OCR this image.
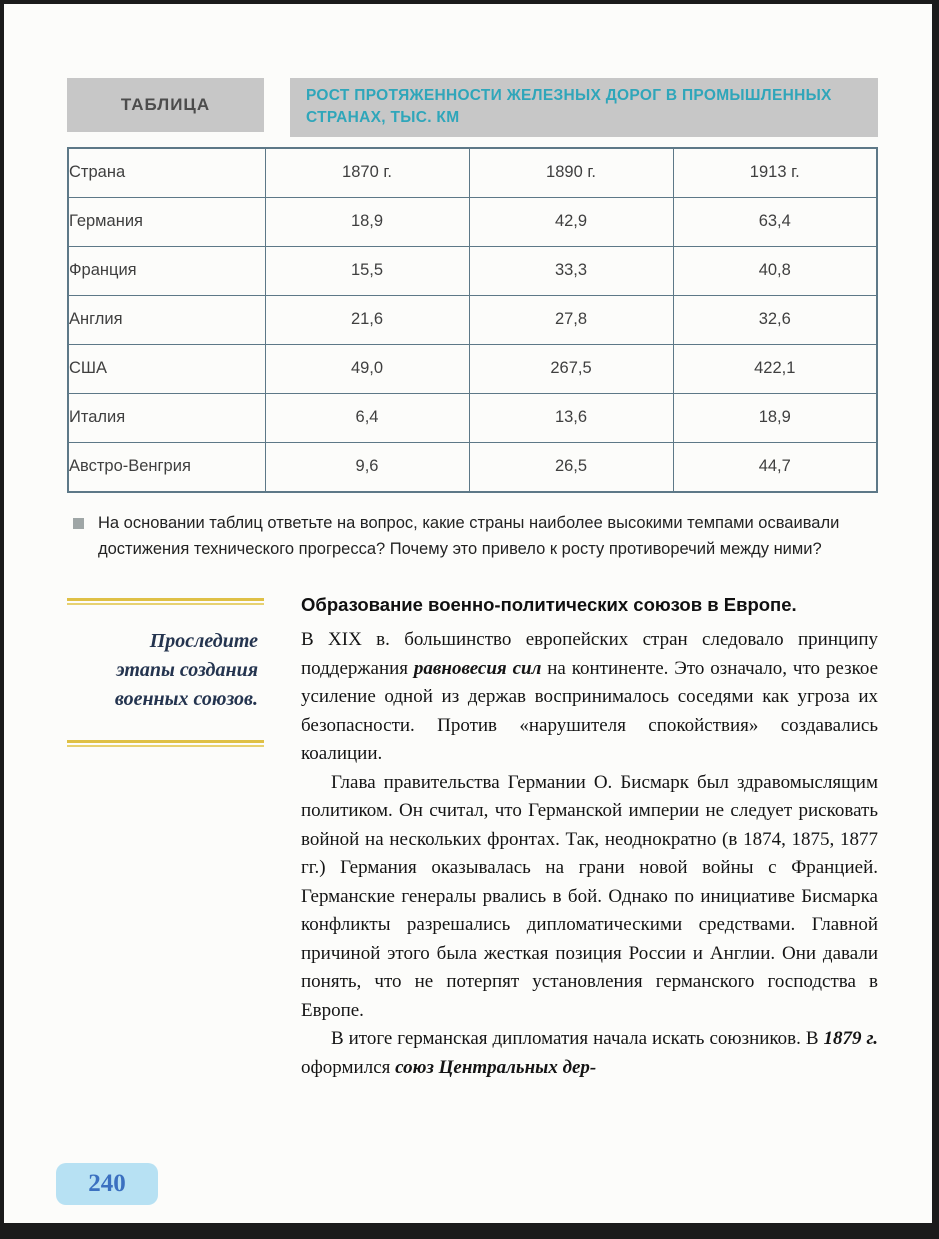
ТАБЛИЦА	РОСТ ПРОТЯЖЕННОСТИ ЖЕЛЕЗНЫХ ДОРОГ В ПРОМЫШЛЕННЫХ СТРАНАХ, ТЫС. КМ
Страна	1870 г.	1890 г.	1913 г.
Германия	18,9	42,9	63,4
Франция	15,5	33,3	40,8
Англия	21,6	27,8	32,6
США	49,0	267,5	422,1
Италия	6,4	13,6	18,9
Австро-Венгрия	9,6	26,5	44,7

На основании таблиц ответьте на вопрос, какие страны наиболее высокими темпами осваивали достижения технического прогресса? Почему это привело к росту противоречий между ними?

Проследите этапы создания военных союзов.
Образование военно-политических союзов в Европе.

В XIX в. большинство европейских стран следовало принципу поддержания равновесия сил на континенте. Это означало, что резкое усиление одной из держав воспринималось соседями как угроза их безопасности. Против «нарушителя спокойствия» создавались коалиции.

Глава правительства Германии О. Бисмарк был здравомыслящим политиком. Он считал, что Германской империи не следует рисковать войной на нескольких фронтах. Так, неоднократно (в 1874, 1875, 1877 гг.) Германия оказывалась на грани новой войны с Францией. Германские генералы рвались в бой. Однако по инициативе Бисмарка конфликты разрешались дипломатическими средствами. Главной причиной этого была жесткая позиция России и Англии. Они давали понять, что не потерпят установления германского господства в Европе.

В итоге германская дипломатия начала искать союзников. В 1879 г. оформился союз Центральных дер-

240
